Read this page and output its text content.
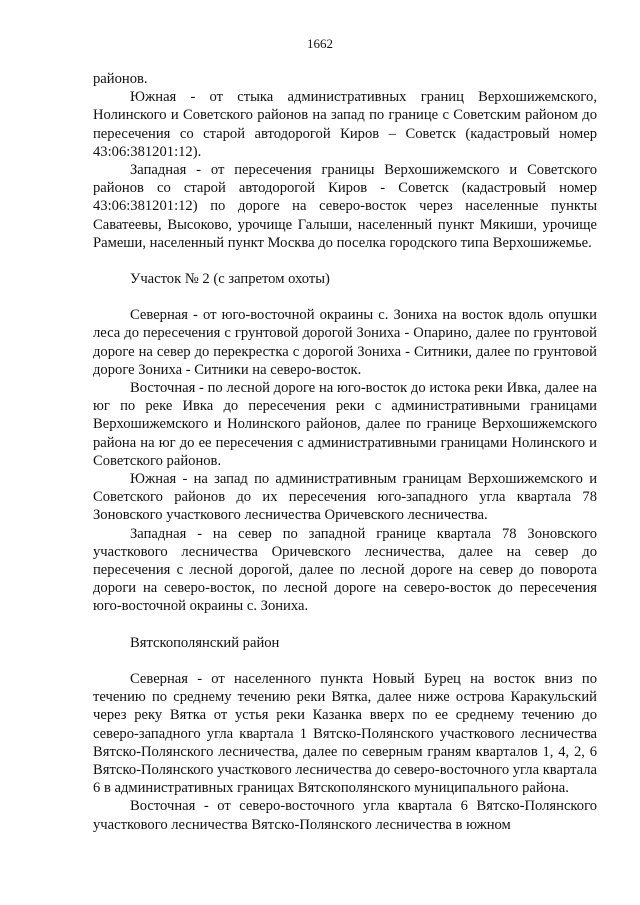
1662

районов.

Южная - от стыка административных границ Верхошижемского, Нолинского и Советского районов на запад по границе с Советским районом до пересечения со старой автодорогой Киров – Советск (кадастровый номер 43:06:381201:12).

Западная - от пересечения границы Верхошижемского и Советского районов со старой автодорогой Киров - Советск (кадастровый номер 43:06:381201:12) по дороге на северо-восток через населенные пункты Саватеевы, Высоково, урочище Галыши, населенный пункт Мякиши, урочище Рамеши, населенный пункт Москва до поселка городского типа Верхошижемье.

Участок № 2 (с запретом охоты)

Северная - от юго-восточной окраины с. Зониха на восток вдоль опушки леса до пересечения с грунтовой дорогой Зониха - Опарино, далее по грунтовой дороге на север до перекрестка с дорогой Зониха - Ситники, далее по грунтовой дороге Зониха - Ситники на северо-восток.

Восточная - по лесной дороге на юго-восток до истока реки Ивка, далее на юг по реке Ивка до пересечения реки с административными границами Верхошижемского и Нолинского районов, далее по границе Верхошижемского района на юг до ее пересечения с административными границами Нолинского и Советского районов.

Южная - на запад по административным границам Верхошижемского и Советского районов до их пересечения юго-западного угла квартала 78 Зоновского участкового лесничества Оричевского лесничества.

Западная - на север по западной границе квартала 78 Зоновского участкового лесничества Оричевского лесничества, далее на север до пересечения с лесной дорогой, далее по лесной дороге на север до поворота дороги на северо-восток, по лесной дороге на северо-восток до пересечения юго-восточной окраины с. Зониха.

Вятскополянский район

Северная - от населенного пункта Новый Бурец на восток вниз по течению по среднему течению реки Вятка, далее ниже острова Каракульский через реку Вятка от устья реки Казанка вверх по ее среднему течению до северо-западного угла квартала 1 Вятско-Полянского участкового лесничества Вятско-Полянского лесничества, далее по северным граням кварталов 1, 4, 2, 6 Вятско-Полянского участкового лесничества до северо-восточного угла квартала 6 в административных границах Вятскополянского муниципального района.

Восточная - от северо-восточного угла квартала 6 Вятско-Полянского участкового лесничества Вятско-Полянского лесничества в южном
